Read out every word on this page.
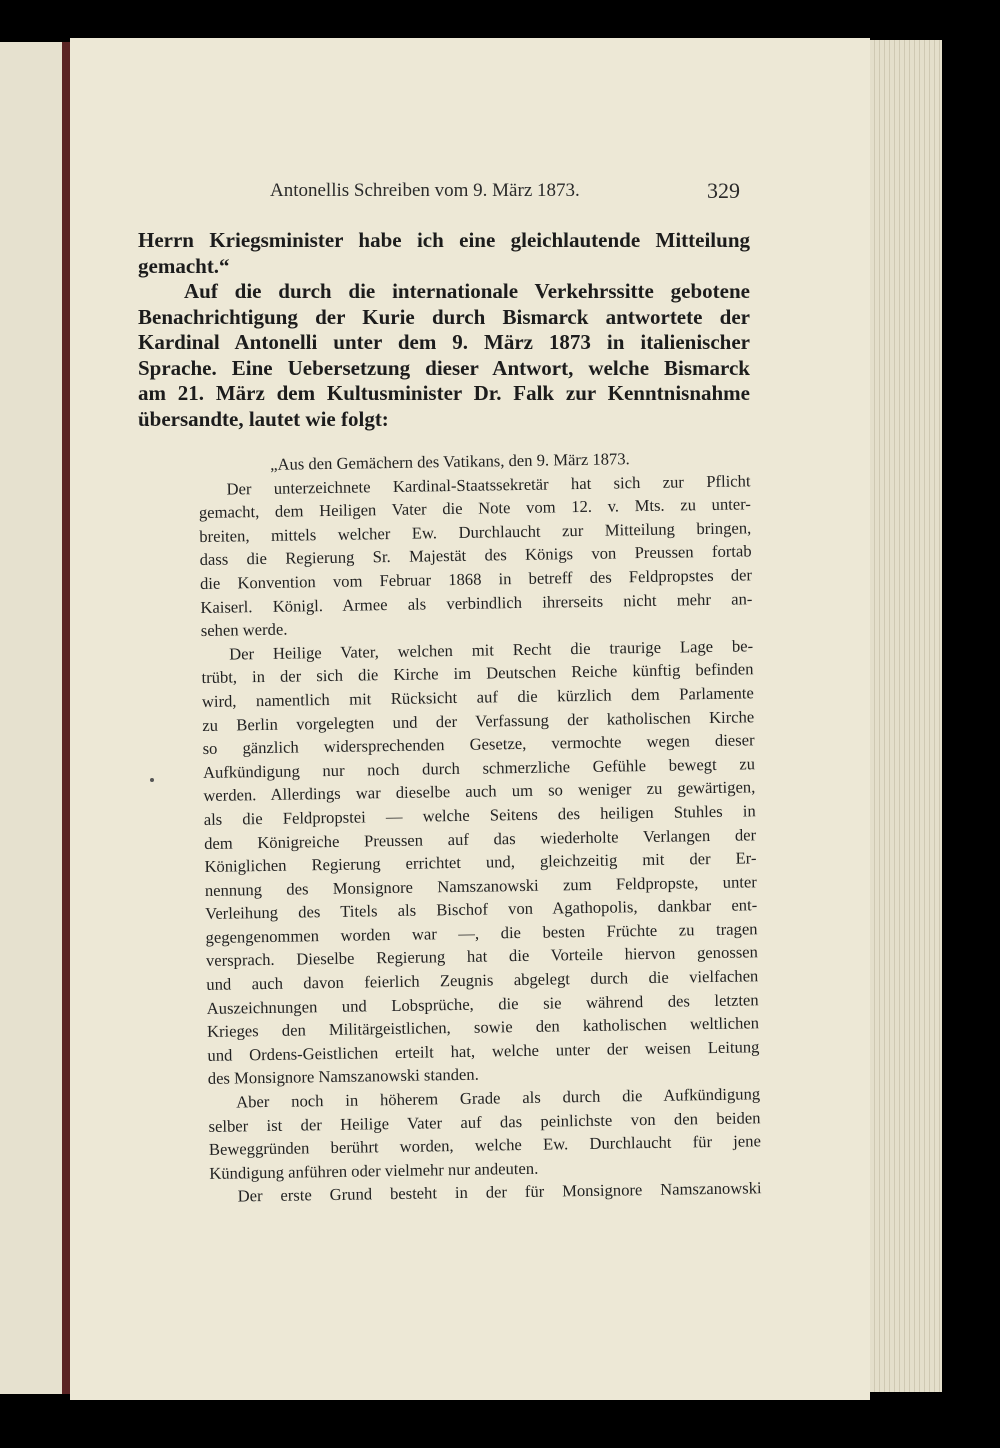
Antonellis Schreiben vom 9. März 1873.	329
Herrn Kriegsminister habe ich eine gleichlautende Mitteilung
gemacht.“
Auf die durch die internationale Verkehrssitte gebotene
Benachrichtigung der Kurie durch Bismarck antwortete der
Kardinal Antonelli unter dem 9. März 1873 in italienischer
Sprache. Eine Uebersetzung dieser Antwort, welche Bismarck
am 21. März dem Kultusminister Dr. Falk zur Kenntnisnahme
übersandte, lautet wie folgt:
„Aus den Gemächern des Vatikans, den 9. März 1873.
Der unterzeichnete Kardinal-Staatssekretär hat sich zur Pflicht
gemacht, dem Heiligen Vater die Note vom 12. v. Mts. zu unter-
breiten, mittels welcher Ew. Durchlaucht zur Mitteilung bringen,
dass die Regierung Sr. Majestät des Königs von Preussen fortab
die Konvention vom Februar 1868 in betreff des Feldpropstes der
Kaiserl. Königl. Armee als verbindlich ihrerseits nicht mehr an-
sehen werde.
Der Heilige Vater, welchen mit Recht die traurige Lage be-
trübt, in der sich die Kirche im Deutschen Reiche künftig befinden
wird, namentlich mit Rücksicht auf die kürzlich dem Parlamente
zu Berlin vorgelegten und der Verfassung der katholischen Kirche
so gänzlich widersprechenden Gesetze, vermochte wegen dieser
Aufkündigung nur noch durch schmerzliche Gefühle bewegt zu
werden. Allerdings war dieselbe auch um so weniger zu gewärtigen,
als die Feldpropstei — welche Seitens des heiligen Stuhles in
dem Königreiche Preussen auf das wiederholte Verlangen der
Königlichen Regierung errichtet und, gleichzeitig mit der Er-
nennung des Monsignore Namszanowski zum Feldpropste, unter
Verleihung des Titels als Bischof von Agathopolis, dankbar ent-
gegengenommen worden war —, die besten Früchte zu tragen
versprach. Dieselbe Regierung hat die Vorteile hiervon genossen
und auch davon feierlich Zeugnis abgelegt durch die vielfachen
Auszeichnungen und Lobsprüche, die sie während des letzten
Krieges den Militärgeistlichen, sowie den katholischen weltlichen
und Ordens-Geistlichen erteilt hat, welche unter der weisen Leitung
des Monsignore Namszanowski standen.
Aber noch in höherem Grade als durch die Aufkündigung
selber ist der Heilige Vater auf das peinlichste von den beiden
Beweggründen berührt worden, welche Ew. Durchlaucht für jene
Kündigung anführen oder vielmehr nur andeuten.
Der erste Grund besteht in der für Monsignore Namszanowski
